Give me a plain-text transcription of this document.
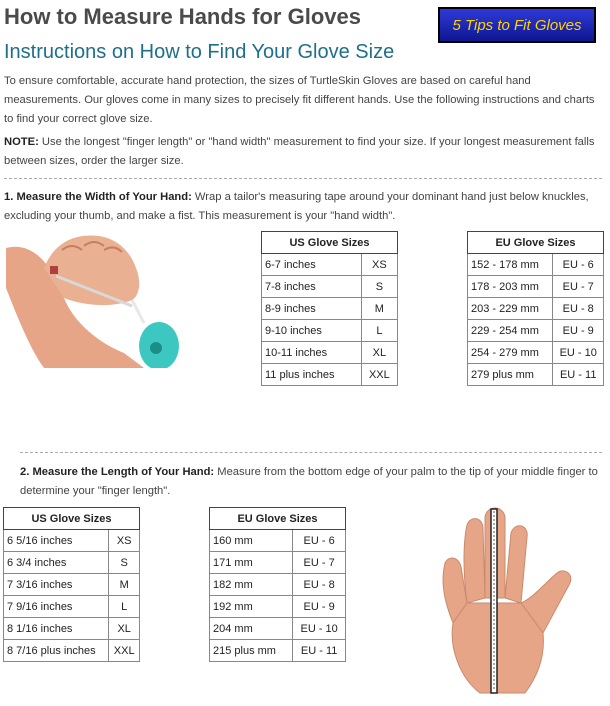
How to Measure Hands for Gloves	5 Tips to Fit Gloves
Instructions on How to Find Your Glove Size
To ensure comfortable, accurate hand protection, the sizes of TurtleSkin Gloves are based on careful hand measurements. Our gloves come in many sizes to precisely fit different hands. Use the following instructions and charts to find your correct glove size.
NOTE: Use the longest "finger length" or "hand width" measurement to find your size. If your longest measurement falls between sizes, order the larger size.
1. Measure the Width of Your Hand: Wrap a tailor's measuring tape around your dominant hand just below knuckles, excluding your thumb, and make a fist. This measurement is your "hand width".
US Glove Sizes	
6-7 inches	XS
7-8 inches	S
8-9 inches	M
9-10 inches	L
10-11 inches	XL
11 plus inches	XXL
EU Glove Sizes	
152 - 178 mm	EU - 6
178 - 203 mm	EU - 7
203 - 229 mm	EU - 8
229 - 254 mm	EU - 9
254 - 279 mm	EU - 10
279 plus mm	EU - 11
2. Measure the Length of Your Hand: Measure from the bottom edge of your palm to the tip of your middle finger to determine your "finger length".
US Glove Sizes	
6 5/16 inches	XS
6 3/4 inches	S
7 3/16 inches	M
7 9/16 inches	L
8 1/16 inches	XL
8 7/16 plus inches	XXL
EU Glove Sizes	
160 mm	EU - 6
171 mm	EU - 7
182 mm	EU - 8
192 mm	EU - 9
204 mm	EU - 10
215 plus mm	EU - 11
